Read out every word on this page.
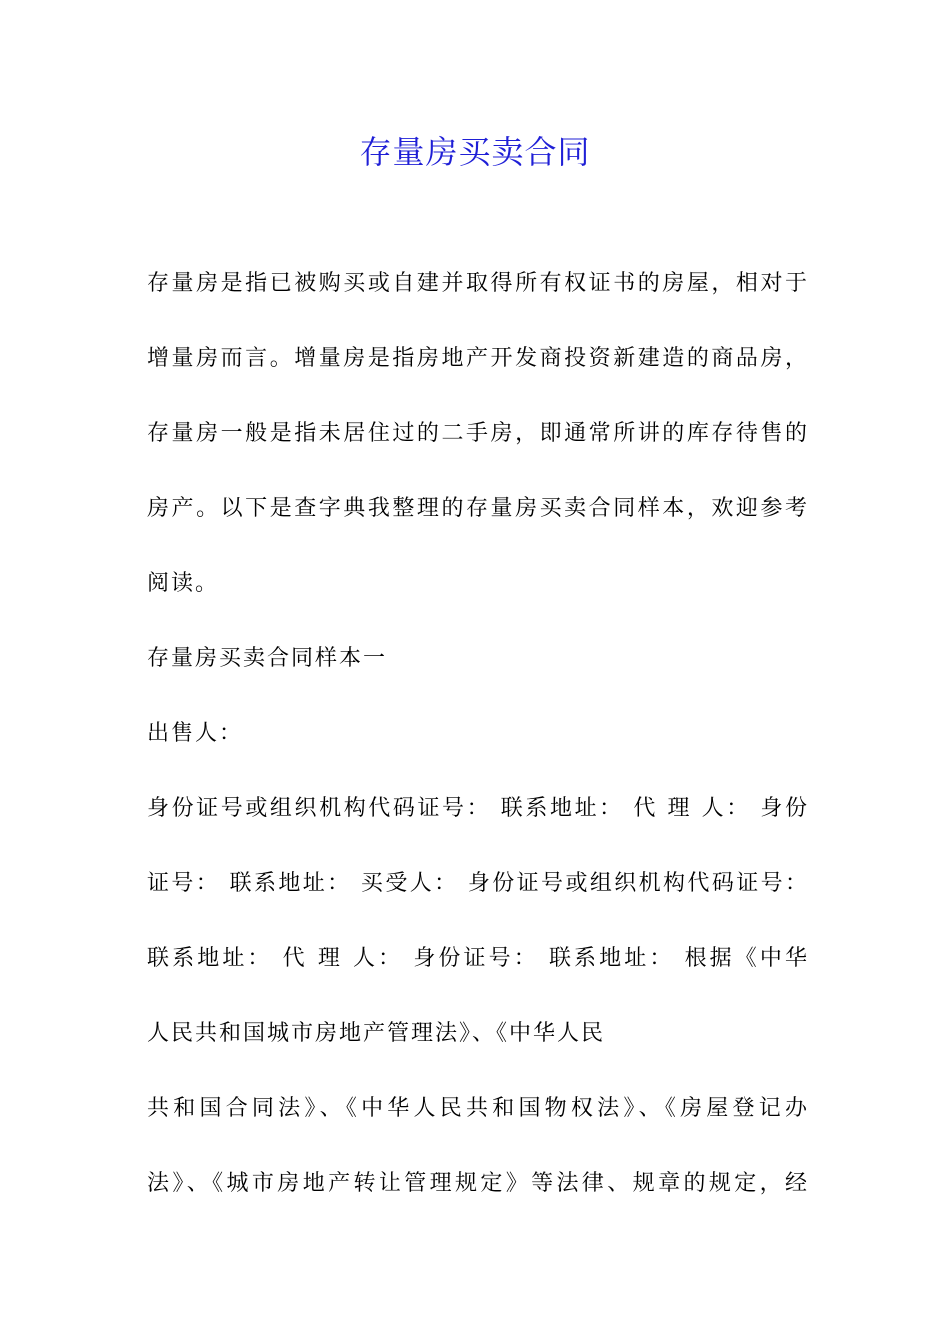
存量房买卖合同

存量房是指已被购买或自建并取得所有权证书的房屋，相对于

增量房而言。增量房是指房地产开发商投资新建造的商品房，

存量房一般是指未居住过的二手房，即通常所讲的库存待售的

房产。以下是查字典我整理的存量房买卖合同样本，欢迎参考

阅读。

存量房买卖合同样本一

出售人：

身份证号或组织机构代码证号： 联系地址： 代 理 人： 身份

证号： 联系地址： 买受人： 身份证号或组织机构代码证号：

联系地址： 代 理 人： 身份证号： 联系地址： 根据《中华

人民共和国城市房地产管理法》、《中华人民

共和国合同法》、《中华人民共和国物权法》、《房屋登记办

法》、《城市房地产转让管理规定》等法律、规章的规定，经
